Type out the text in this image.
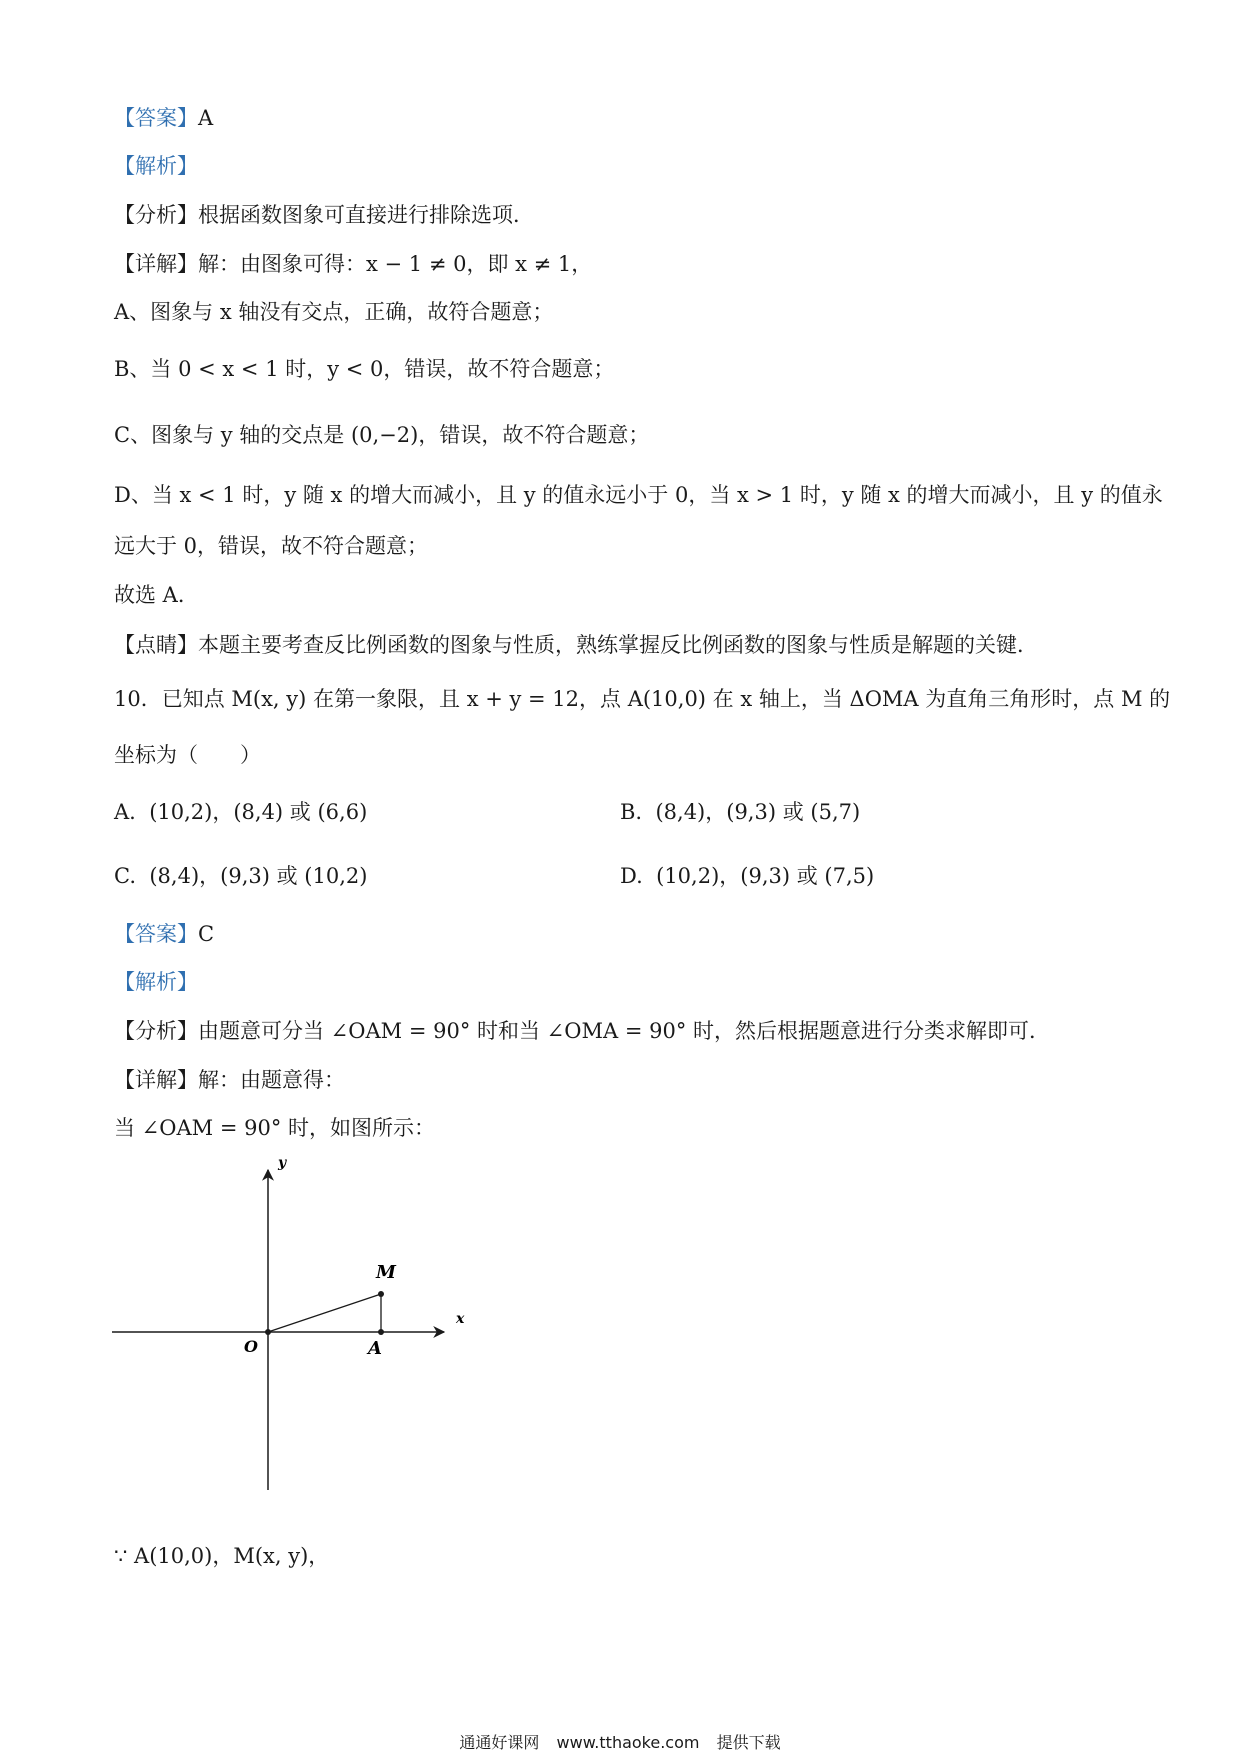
【答案】A
【解析】
【分析】根据函数图象可直接进行排除选项．
【详解】解：由图象可得：x − 1 ≠ 0，即 x ≠ 1，
A、图象与 x 轴没有交点，正确，故符合题意；
B、当 0 < x < 1 时，y < 0，错误，故不符合题意；
C、图象与 y 轴的交点是 (0,−2)，错误，故不符合题意；
D、当 x < 1 时，y 随 x 的增大而减小，且 y 的值永远小于 0，当 x > 1 时，y 随 x 的增大而减小，且 y 的值永
远大于 0，错误，故不符合题意；
故选 A．
【点睛】本题主要考查反比例函数的图象与性质，熟练掌握反比例函数的图象与性质是解题的关键．
10．已知点 M(x, y) 在第一象限，且 x + y = 12，点 A(10,0) 在 x 轴上，当 ΔOMA 为直角三角形时，点 M 的
坐标为（　　）
A. (10,2)，(8,4) 或 (6,6)	B. (8,4)，(9,3) 或 (5,7)
C. (8,4)，(9,3) 或 (10,2)	D. (10,2)，(9,3) 或 (7,5)
【答案】C
【解析】
【分析】由题意可分当 ∠OAM = 90° 时和当 ∠OMA = 90° 时，然后根据题意进行分类求解即可．
【详解】解：由题意得：
当 ∠OAM = 90° 时，如图所示：
y
x
O
M
A
∵ A(10,0)，M(x, y)，
通通好课网 www.tthaoke.com 提供下载
